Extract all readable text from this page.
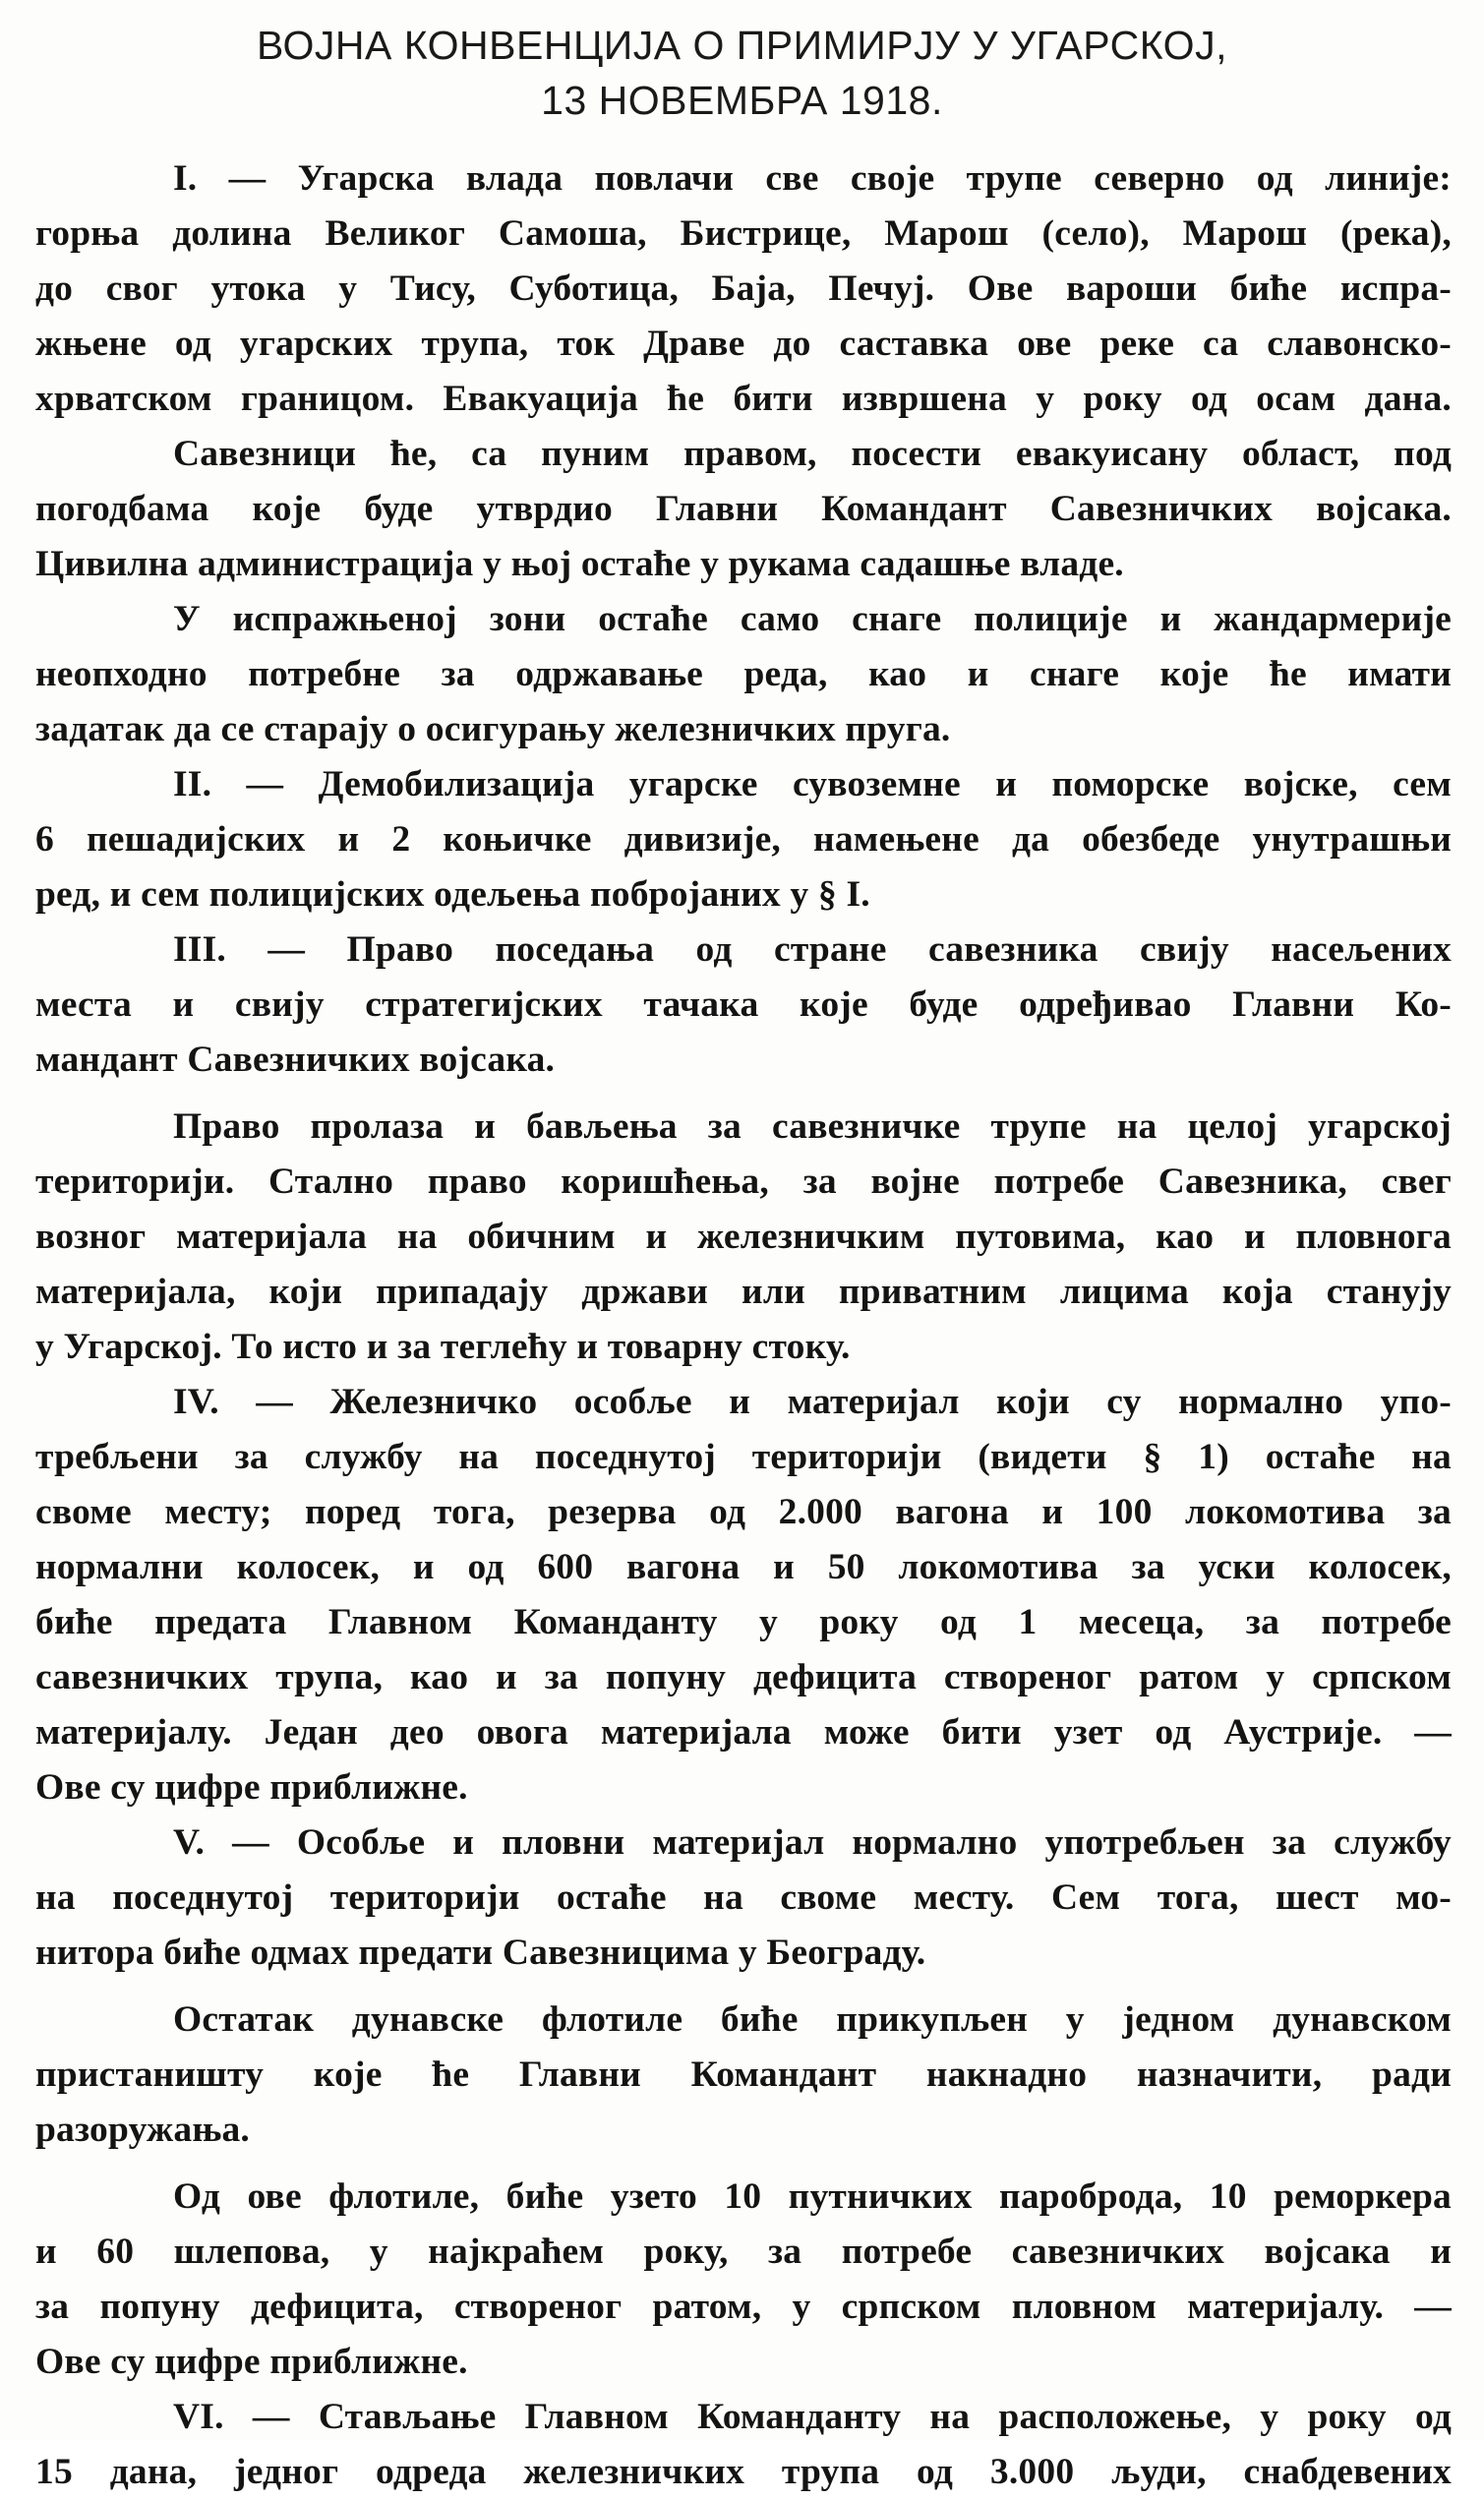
ВОЈНА КОНВЕНЦИЈА О ПРИМИРЈУ У УГАРСКОЈ,
13 НОВЕМБРА 1918.
I. — Угарска влада повлачи све своје трупе северно од линије:
горња долина Великог Самоша, Бистрице, Марош (село), Марош (река),
до свог утока у Тису, Суботица, Баја, Печуј. Ове вароши биће испра-
жњене од угарских трупа, ток Драве до саставка ове реке са славонско-
хрватском границом. Евакуација ће бити извршена у року од осам дана.
Савезници ће, са пуним правом, посести евакуисану област, под
погодбама које буде утврдио Главни Командант Савезничких војсака.
Цивилна администрација у њој остаће у рукама садашње владе.
У испражњеној зони остаће само снаге полиције и жандармерије
неопходно потребне за одржавање реда, као и снаге које ће имати
задатак да се старају о осигурању железничких пруга.
II. — Демобилизација угарске сувоземне и поморске војске, сем
6 пешадијских и 2 коњичке дивизије, намењене да обезбеде унутрашњи
ред, и сем полицијских одељења побројаних у § I.
III. — Право поседања од стране савезника свију насељених
места и свију стратегијских тачака које буде одређивао Главни Ко-
мандант Савезничких војсака.
Право пролаза и бављења за савезничке трупе на целој угарској
територији. Стално право коришћења, за војне потребе Савезника, свег
возног материјала на обичним и железничким путовима, као и пловнога
материјала, који припадају држави или приватним лицима која станују
у Угарској. То исто и за теглећу и товарну стоку.
IV. — Железничко особље и материјал који су нормално упо-
требљени за службу на поседнутој територији (видети § 1) остаће на
своме месту; поред тога, резерва од 2.000 вагона и 100 локомотива за
нормални колосек, и од 600 вагона и 50 локомотива за уски колосек,
биће предата Главном Команданту у року од 1 месеца, за потребе
савезничких трупа, као и за попуну дефицита створеног ратом у српском
материјалу. Један део овога материјала може бити узет од Аустрије. —
Ове су цифре приближне.
V. — Особље и пловни материјал нормално употребљен за службу
на поседнутој територији остаће на своме месту. Сем тога, шест мо-
нитора биће одмах предати Савезницима у Београду.
Остатак дунавске флотиле биће прикупљен у једном дунавском
пристаништу које ће Главни Командант накнадно назначити, ради
разоружања.
Од ове флотиле, биће узето 10 путничких паробродa, 10 реморкера
и 60 шлепова, у најкраћем року, за потребе савезничких војсака и
за попуну дефицита, створеног ратом, у српском пловном материјалу. —
Ове су цифре приближне.
VI. — Стављање Главном Команданту на расположење, у року од
15 дана, једног одреда железничких трупа од 3.000 људи, снабдевених
